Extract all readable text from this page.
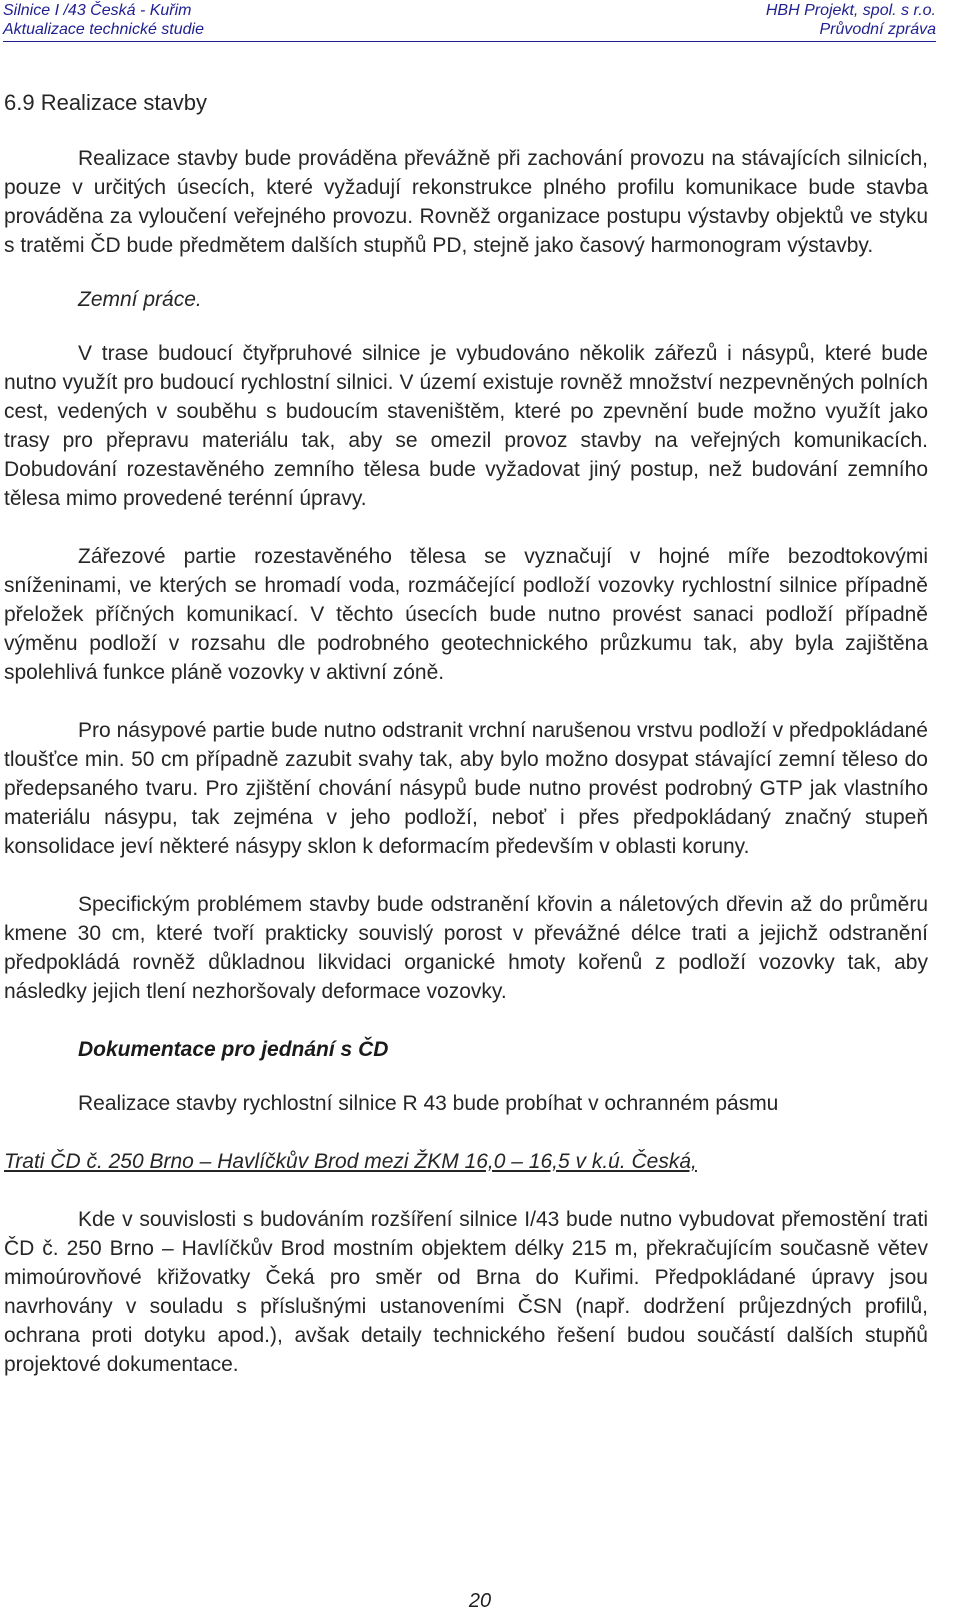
Silnice I /43 Česká - Kuřim
Aktualizace technické studie
HBH Projekt, spol. s r.o.
Průvodní zpráva
6.9 Realizace stavby

Realizace stavby bude prováděna převážně při zachování provozu na stávajících silnicích, pouze v určitých úsecích, které vyžadují rekonstrukce plného profilu komunikace bude stavba prováděna za vyloučení veřejného provozu. Rovněž organizace postupu výstavby objektů ve styku s tratěmi ČD bude předmětem dalších stupňů PD, stejně jako časový harmonogram výstavby.

Zemní práce.

V trase budoucí čtyřpruhové silnice je vybudováno několik zářezů i násypů, které bude nutno využít pro budoucí rychlostní silnici. V území existuje rovněž množství nezpevněných polních cest, vedených v souběhu s budoucím staveništěm, které po zpevnění bude možno využít jako trasy pro přepravu materiálu tak, aby se omezil provoz stavby na veřejných komunikacích. Dobudování rozestavěného zemního tělesa bude vyžadovat jiný postup, než budování zemního tělesa mimo provedené terénní úpravy.

Zářezové partie rozestavěného tělesa se vyznačují v hojné míře bezodtokovými sníženinami, ve kterých se hromadí voda, rozmáčející podloží vozovky rychlostní silnice případně přeložek příčných komunikací. V těchto úsecích bude nutno provést sanaci podloží případně výměnu podloží v rozsahu dle podrobného geotechnického průzkumu tak, aby byla zajištěna spolehlivá funkce pláně vozovky v aktivní zóně.

Pro násypové partie bude nutno odstranit vrchní narušenou vrstvu podloží v předpokládané tloušťce min. 50 cm případně zazubit svahy tak, aby bylo možno dosypat stávající zemní těleso do předepsaného tvaru. Pro zjištění chování násypů bude nutno provést podrobný GTP jak vlastního materiálu násypu, tak zejména v jeho podloží, neboť i přes předpokládaný značný stupeň konsolidace jeví některé násypy sklon k deformacím především v oblasti koruny.

Specifickým problémem stavby bude odstranění křovin a náletových dřevin až do průměru kmene 30 cm, které tvoří prakticky souvislý porost v převážné délce trati a jejichž odstranění předpokládá rovněž důkladnou likvidaci organické hmoty kořenů z podloží vozovky tak, aby následky jejich tlení nezhoršovaly deformace vozovky.

Dokumentace pro jednání s ČD
Realizace stavby rychlostní silnice R 43 bude probíhat v ochranném pásmu
Trati ČD č. 250 Brno – Havlíčkův Brod mezi ŽKM 16,0 – 16,5 v k.ú. Česká,

Kde v souvislosti s budováním rozšíření silnice I/43 bude nutno vybudovat přemostění trati ČD č. 250 Brno – Havlíčkův Brod mostním objektem délky 215 m, překračujícím současně větev mimoúrovňové křižovatky Čeká pro směr od Brna do Kuřimi. Předpokládané úpravy jsou navrhovány v souladu s příslušnými ustanoveními ČSN (např. dodržení průjezdných profilů, ochrana proti dotyku apod.), avšak detaily technického řešení budou součástí dalších stupňů projektové dokumentace.

20
